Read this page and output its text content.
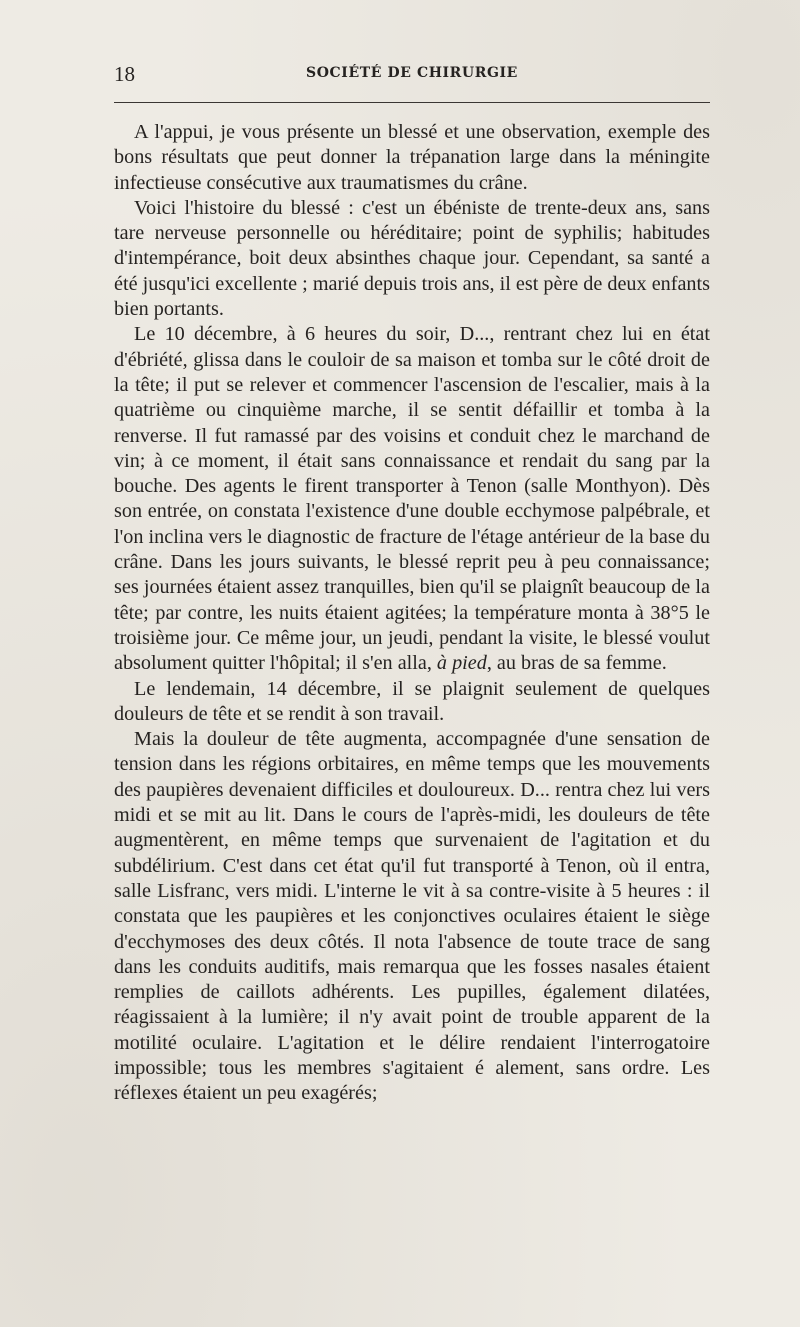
18	SOCIÉTÉ DE CHIRURGIE

A l'appui, je vous présente un blessé et une observation, exemple des bons résultats que peut donner la trépanation large dans la méningite infectieuse consécutive aux traumatismes du crâne.

Voici l'histoire du blessé : c'est un ébéniste de trente-deux ans, sans tare nerveuse personnelle ou héréditaire; point de syphilis; habitudes d'intempérance, boit deux absinthes chaque jour. Cependant, sa santé a été jusqu'ici excellente ; marié depuis trois ans, il est père de deux enfants bien portants.

Le 10 décembre, à 6 heures du soir, D..., rentrant chez lui en état d'ébriété, glissa dans le couloir de sa maison et tomba sur le côté droit de la tête; il put se relever et commencer l'ascension de l'escalier, mais à la quatrième ou cinquième marche, il se sentit défaillir et tomba à la renverse. Il fut ramassé par des voisins et conduit chez le marchand de vin; à ce moment, il était sans connaissance et rendait du sang par la bouche. Des agents le firent transporter à Tenon (salle Monthyon). Dès son entrée, on constata l'existence d'une double ecchymose palpébrale, et l'on inclina vers le diagnostic de fracture de l'étage antérieur de la base du crâne. Dans les jours suivants, le blessé reprit peu à peu connaissance; ses journées étaient assez tranquilles, bien qu'il se plaignît beaucoup de la tête; par contre, les nuits étaient agitées; la température monta à 38°5 le troisième jour. Ce même jour, un jeudi, pendant la visite, le blessé voulut absolument quitter l'hôpital; il s'en alla, à pied, au bras de sa femme.

Le lendemain, 14 décembre, il se plaignit seulement de quelques douleurs de tête et se rendit à son travail.

Mais la douleur de tête augmenta, accompagnée d'une sensation de tension dans les régions orbitaires, en même temps que les mouvements des paupières devenaient difficiles et douloureux. D... rentra chez lui vers midi et se mit au lit. Dans le cours de l'après-midi, les douleurs de tête augmentèrent, en même temps que survenaient de l'agitation et du subdélirium. C'est dans cet état qu'il fut transporté à Tenon, où il entra, salle Lisfranc, vers midi. L'interne le vit à sa contre-visite à 5 heures : il constata que les paupières et les conjonctives oculaires étaient le siège d'ecchymoses des deux côtés. Il nota l'absence de toute trace de sang dans les conduits auditifs, mais remarqua que les fosses nasales étaient remplies de caillots adhérents. Les pupilles, également dilatées, réagissaient à la lumière; il n'y avait point de trouble apparent de la motilité oculaire. L'agitation et le délire rendaient l'interrogatoire impossible; tous les membres s'agitaient é alement, sans ordre. Les réflexes étaient un peu exagérés;
